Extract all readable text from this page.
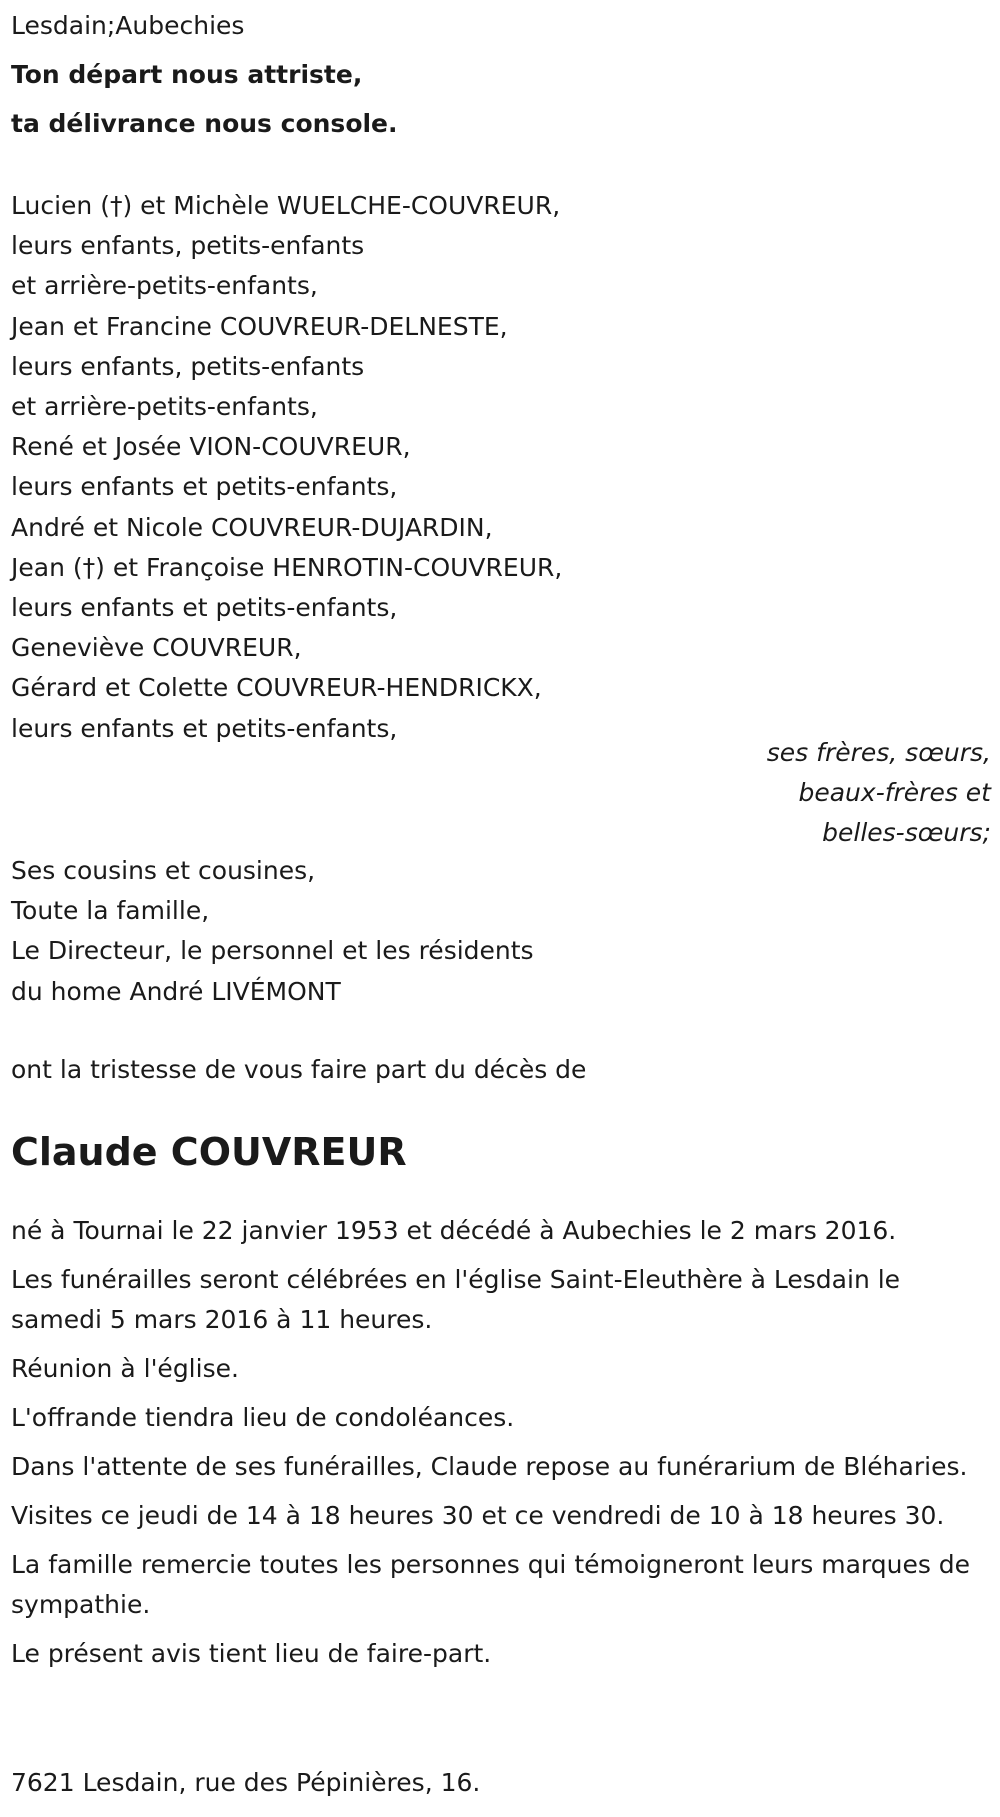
Lesdain;Aubechies
Ton départ nous attriste,
ta délivrance nous console.
Lucien (†) et Michèle WUELCHE-COUVREUR,
leurs enfants, petits-enfants
et arrière-petits-enfants,
Jean et Francine COUVREUR-DELNESTE,
leurs enfants, petits-enfants
et arrière-petits-enfants,
René et Josée VION-COUVREUR,
leurs enfants et petits-enfants,
André et Nicole COUVREUR-DUJARDIN,
Jean (†) et Françoise HENROTIN-COUVREUR,
leurs enfants et petits-enfants,
Geneviève COUVREUR,
Gérard et Colette COUVREUR-HENDRICKX,
leurs enfants et petits-enfants,
ses frères, sœurs,
beaux-frères et
belles-sœurs;
Ses cousins et cousines,
Toute la famille,
Le Directeur, le personnel et les résidents
du home André LIVÉMONT
ont la tristesse de vous faire part du décès de
Claude COUVREUR

né à Tournai le 22 janvier 1953 et décédé à Aubechies le 2 mars 2016.

Les funérailles seront célébrées en l'église Saint-Eleuthère à Lesdain le samedi 5 mars 2016 à 11 heures.

Réunion à l'église.

L'offrande tiendra lieu de condoléances.

Dans l'attente de ses funérailles, Claude repose au funérarium de Bléharies.

Visites ce jeudi de 14 à 18 heures 30 et ce vendredi de 10 à 18 heures 30.

La famille remercie toutes les personnes qui témoigneront leurs marques de sympathie.

Le présent avis tient lieu de faire-part.

7621 Lesdain, rue des Pépinières, 16.
